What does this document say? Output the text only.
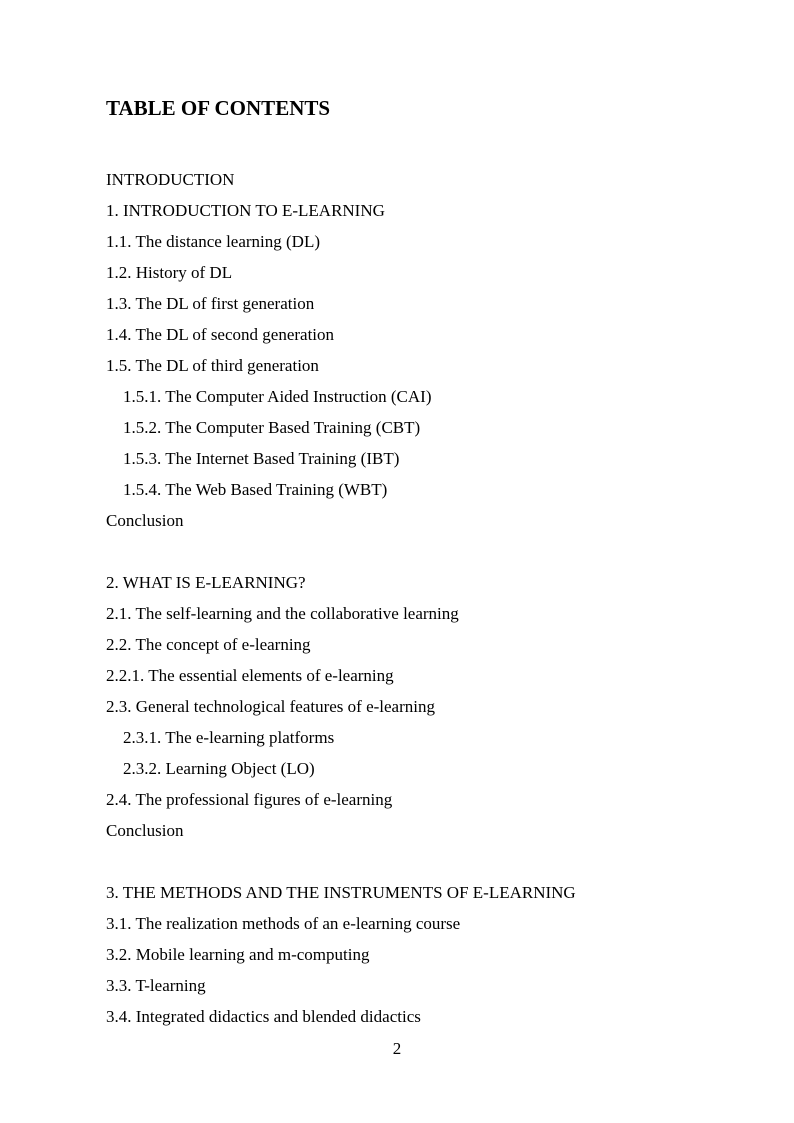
TABLE OF CONTENTS
INTRODUCTION
1. INTRODUCTION TO E-LEARNING
1.1. The distance learning (DL)
1.2. History of DL
1.3. The DL of first generation
1.4. The DL of second generation
1.5. The DL of third generation
1.5.1. The Computer Aided Instruction (CAI)
1.5.2. The Computer Based Training (CBT)
1.5.3. The Internet Based Training (IBT)
1.5.4. The Web Based Training (WBT)
Conclusion
2. WHAT IS E-LEARNING?
2.1. The self-learning and the collaborative learning
2.2. The concept of e-learning
2.2.1. The essential elements of e-learning
2.3. General technological features of e-learning
2.3.1. The e-learning platforms
2.3.2. Learning Object (LO)
2.4. The professional figures of e-learning
Conclusion
3. THE METHODS AND THE INSTRUMENTS OF E-LEARNING
3.1. The realization methods of an e-learning course
3.2. Mobile learning and m-computing
3.3. T-learning
3.4. Integrated didactics and blended didactics
2
